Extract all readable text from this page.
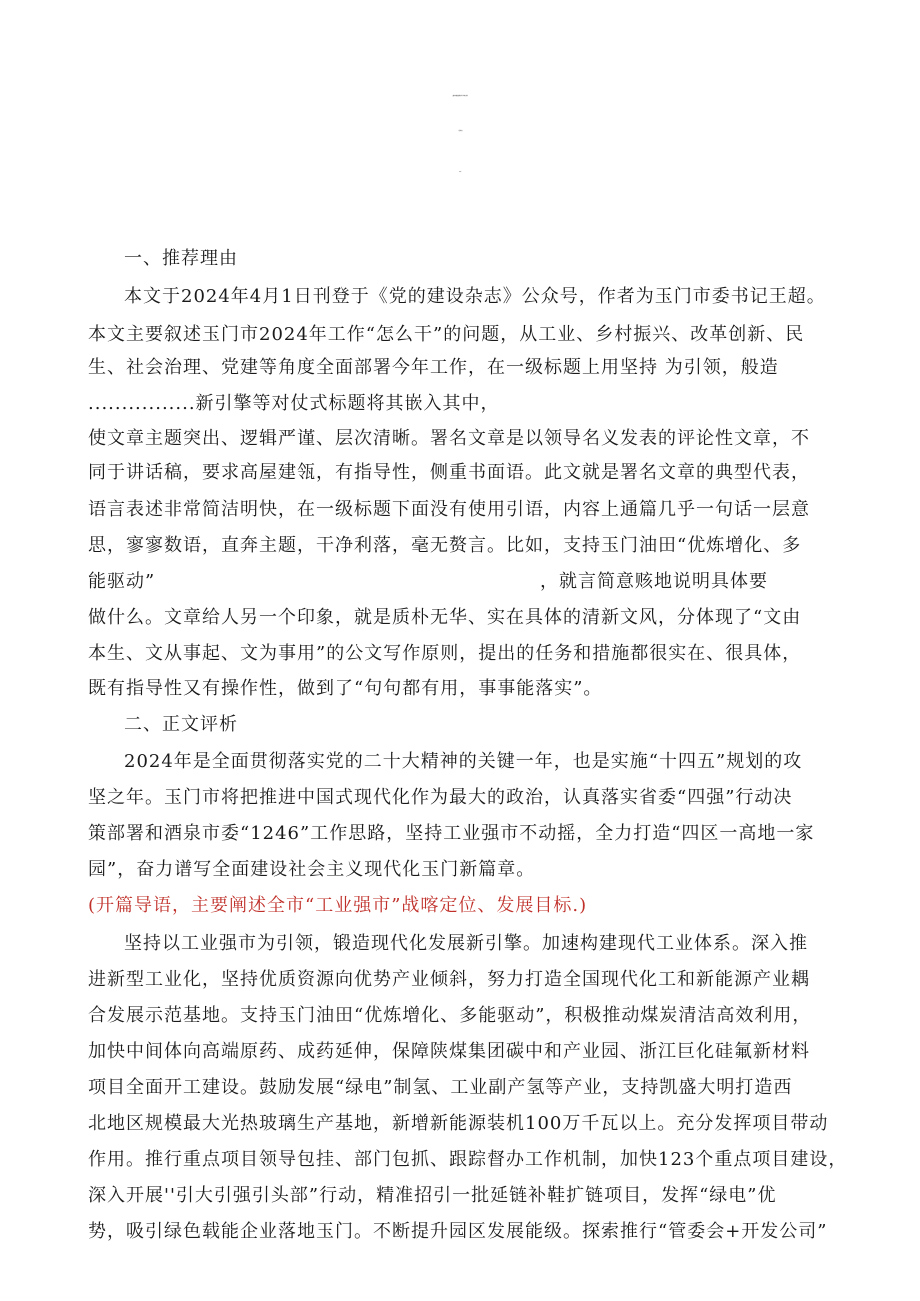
更高标杆立祁连砥砺奋进再扬帆奋力谱写社会主义现代化玉门新篇章
玉门市委书记王超
(202444»1日)
一、推荐理由
本文于2024年4月1日刊登于《党的建设杂志》公众号，作者为玉门市委书记王超。
本文主要叙述玉门市2024年工作“怎么干”的问题，从工业、乡村振兴、改革创新、民
生、社会治理、党建等角度全面部署今年工作，在一级标题上用坚持 为引领，般造
................新引擎等对仗式标题将其嵌入其中，
使文章主题突出、逻辑严谨、层次清晰。署名文章是以领导名义发表的评论性文章，不
同于讲话稿，要求高屋建瓴，有指导性，侧重书面语。此文就是署名文章的典型代表，
语言表述非常简洁明快，在一级标题下面没有使用引语，内容上通篇几乎一句话一层意
思，寥寥数语，直奔主题，干净利落，毫无赘言。比如，支持玉门油田“优炼增化、多
能驱动”	，就言简意赅地说明具体要
做什么。文章给人另一个印象，就是质朴无华、实在具体的清新文风，分体现了“文由
本生、文从事起、文为事用”的公文写作原则，提出的任务和措施都很实在、很具体，
既有指导性又有操作性，做到了“句句都有用，事事能落实”。
二、正文评析
2024年是全面贯彻落实党的二十大精神的关键一年，也是实施“十四五”规划的攻
坚之年。玉门市将把推进中国式现代化作为最大的政治，认真落实省委“四强”行动决
策部署和酒泉市委“1246”工作思路，坚持工业强市不动摇，全力打造“四区一高地一家
园”，奋力谱写全面建设社会主义现代化玉门新篇章。
(开篇导语，主要阐述全市“工业强市”战喀定位、发展目标.)
坚持以工业强市为引领，锻造现代化发展新引擎。加速构建现代工业体系。深入推
进新型工业化，坚持优质资源向优势产业倾斜，努力打造全国现代化工和新能源产业耦
合发展示范基地。支持玉门油田“优炼增化、多能驱动”，积极推动煤炭清洁高效利用，
加快中间体向高端原药、成药延伸，保障陕煤集团碳中和产业园、浙江巨化硅氟新材料
项目全面开工建设。鼓励发展“绿电”制氢、工业副产氢等产业，支持凯盛大明打造西
北地区规模最大光热玻璃生产基地，新增新能源装机100万千瓦以上。充分发挥项目带动
作用。推行重点项目领导包挂、部门包抓、跟踪督办工作机制，加快123个重点项目建设，
深入开展''引大引强引头部”行动，精准招引一批延链补鞋扩链项目，发挥“绿电”优
势，吸引绿色载能企业落地玉门。不断提升园区发展能级。探索推行“管委会+开发公司”
